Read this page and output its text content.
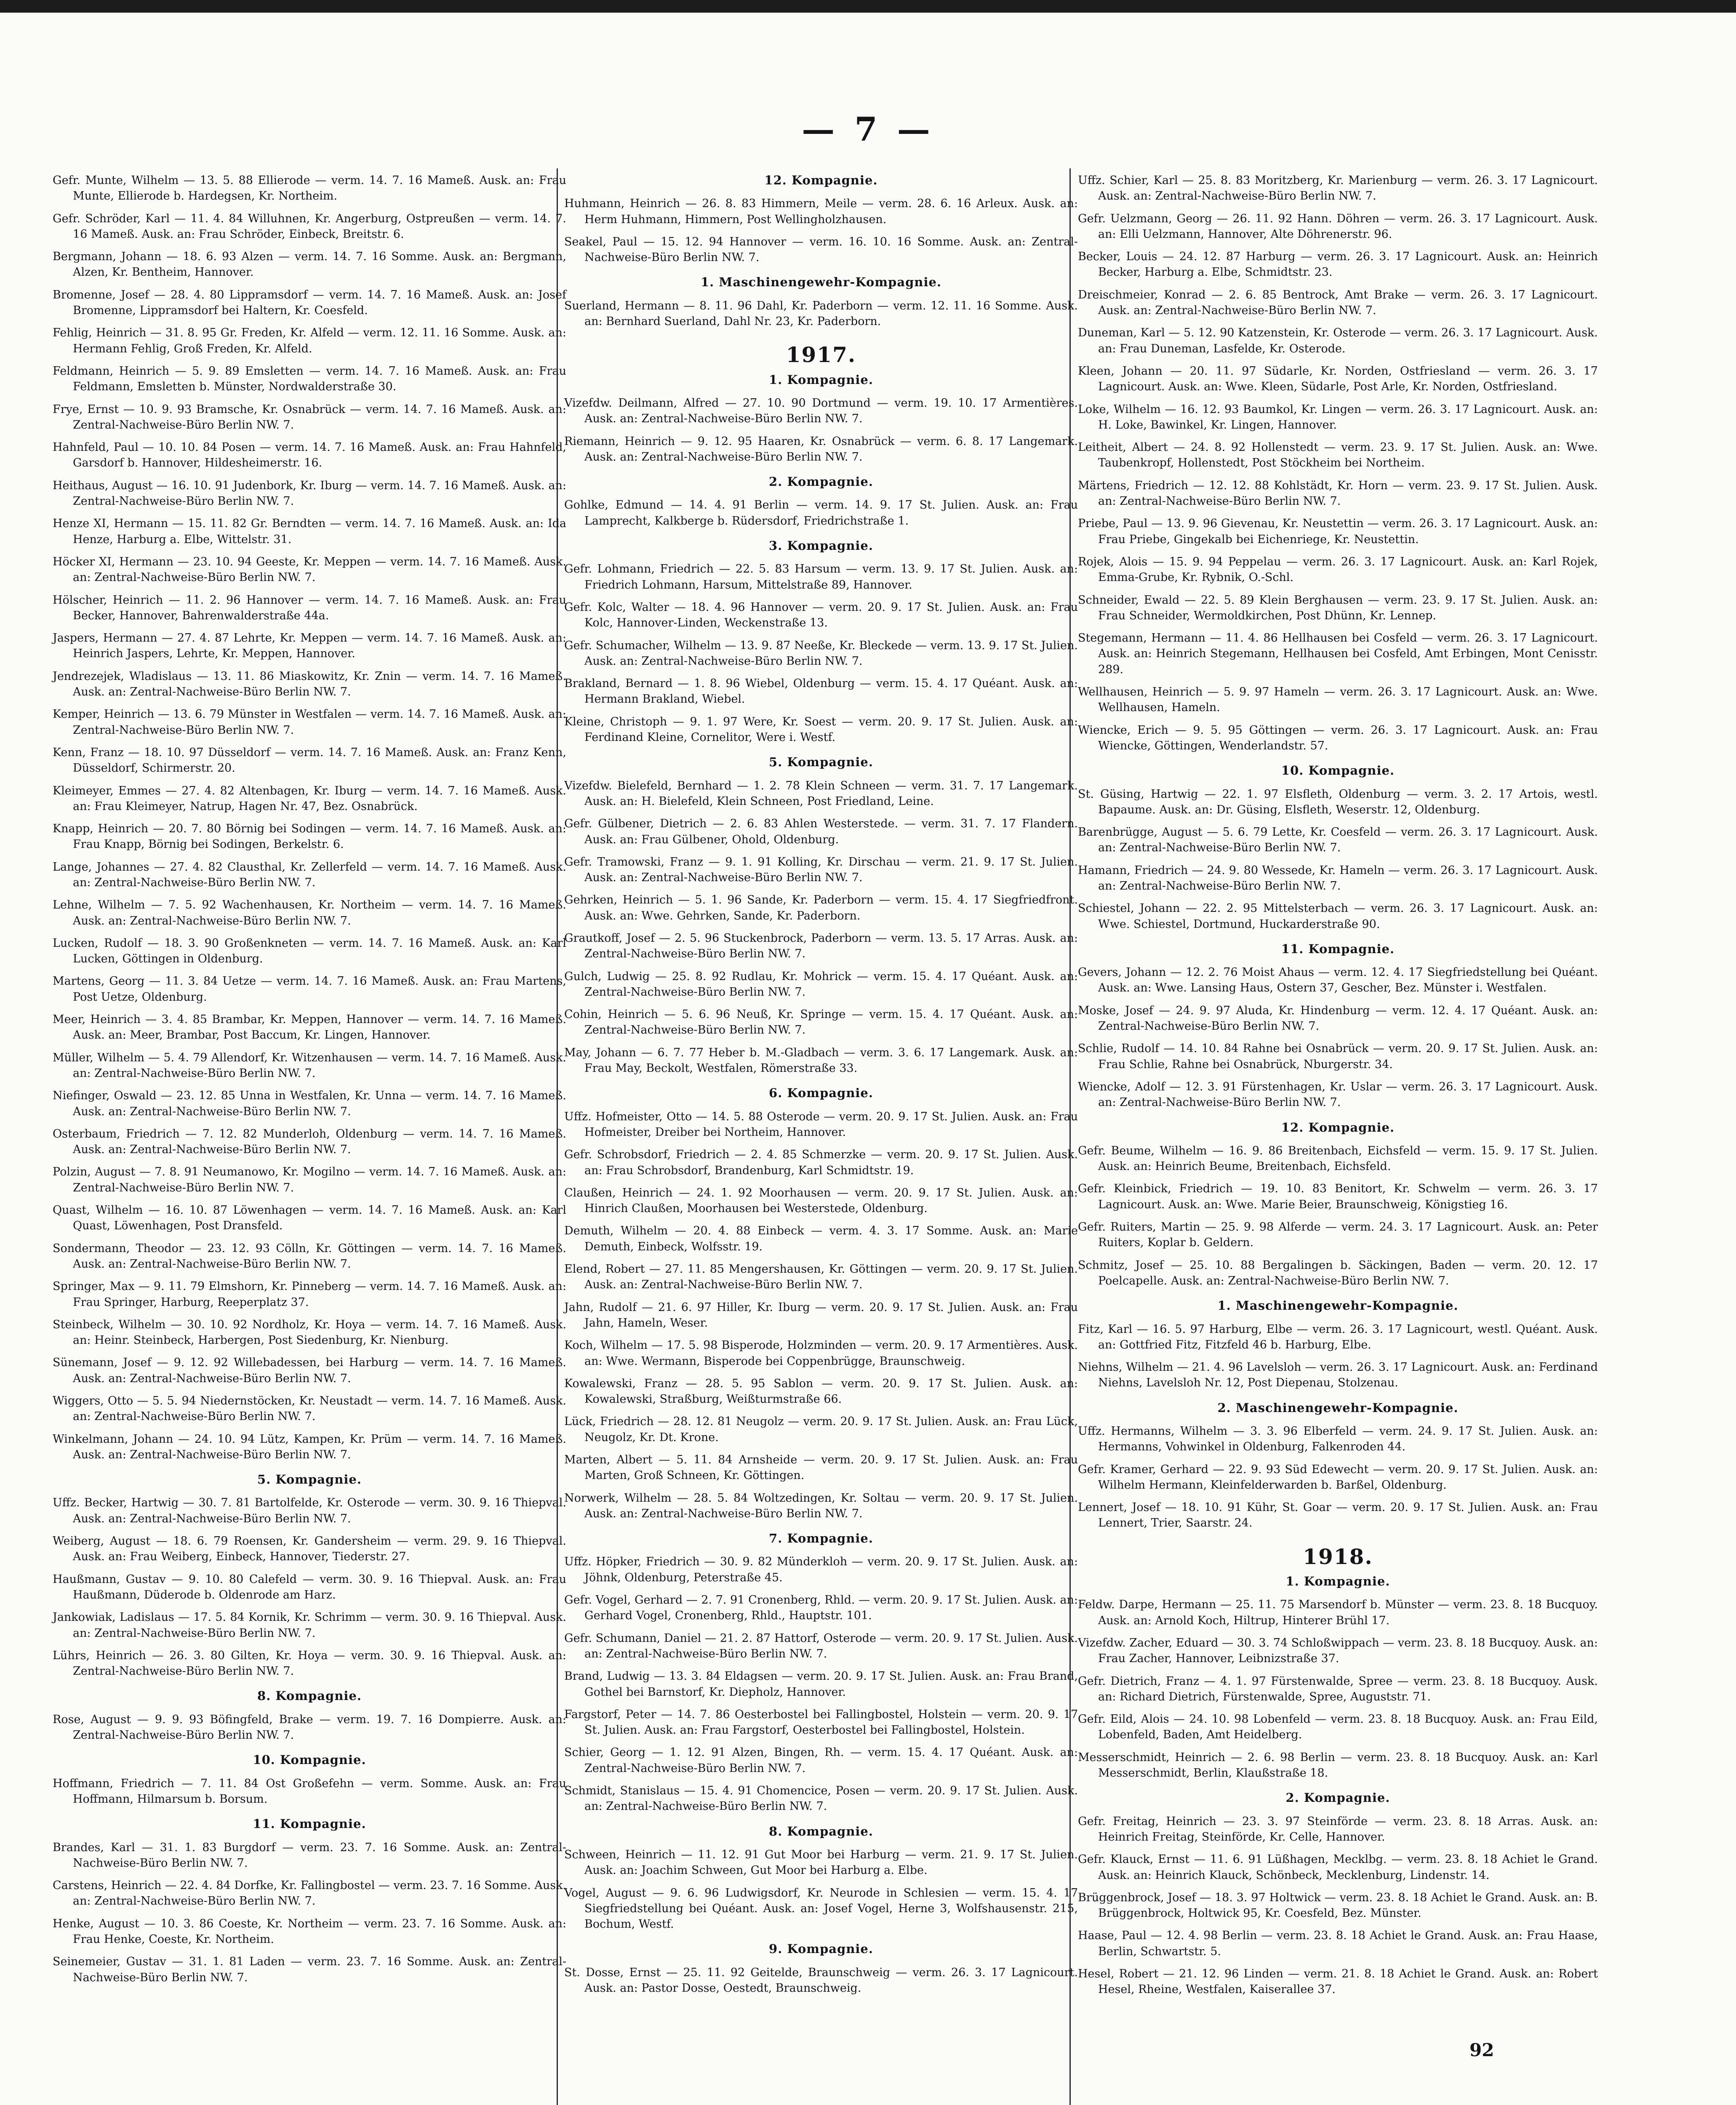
— 7 —
Gefr. Munte, Wilhelm — 13. 5. 88 Ellierode — verm. 14. 7. 16 Mameß. Ausk. an: Frau Munte, Ellierode b. Hardegsen, Kr. Northeim.
Gefr. Schröder, Karl — 11. 4. 84 Willuhnen, Kr. Angerburg, Ostpreußen — verm. 14. 7. 16 Mameß. Ausk. an: Frau Schröder, Einbeck, Breitstr. 6.
Bergmann, Johann — 18. 6. 93 Alzen — verm. 14. 7. 16 Somme. Ausk. an: Bergmann, Alzen, Kr. Bentheim, Hannover.
Bromenne, Josef — 28. 4. 80 Lippramsdorf — verm. 14. 7. 16 Mameß. Ausk. an: Josef Bromenne, Lippramsdorf bei Haltern, Kr. Coesfeld.
Fehlig, Heinrich — 31. 8. 95 Gr. Freden, Kr. Alfeld — verm. 12. 11. 16 Somme. Ausk. an: Hermann Fehlig, Groß Freden, Kr. Alfeld.
Feldmann, Heinrich — 5. 9. 89 Emsletten — verm. 14. 7. 16 Mameß. Ausk. an: Frau Feldmann, Emsletten b. Münster, Nordwalderstraße 30.
Frye, Ernst — 10. 9. 93 Bramsche, Kr. Osnabrück — verm. 14. 7. 16 Mameß. Ausk. an: Zentral-Nachweise-Büro Berlin NW. 7.
Hahnfeld, Paul — 10. 10. 84 Posen — verm. 14. 7. 16 Mameß. Ausk. an: Frau Hahnfeld, Garsdorf b. Hannover, Hildesheimerstr. 16.
Heithaus, August — 16. 10. 91 Judenbork, Kr. Iburg — verm. 14. 7. 16 Mameß. Ausk. an: Zentral-Nachweise-Büro Berlin NW. 7.
Henze XI, Hermann — 15. 11. 82 Gr. Berndten — verm. 14. 7. 16 Mameß. Ausk. an: Ida Henze, Harburg a. Elbe, Wittelstr. 31.
Höcker XI, Hermann — 23. 10. 94 Geeste, Kr. Meppen — verm. 14. 7. 16 Mameß. Ausk. an: Zentral-Nachweise-Büro Berlin NW. 7.
Hölscher, Heinrich — 11. 2. 96 Hannover — verm. 14. 7. 16 Mameß. Ausk. an: Frau Becker, Hannover, Bahrenwalderstraße 44a.
Jaspers, Hermann — 27. 4. 87 Lehrte, Kr. Meppen — verm. 14. 7. 16 Mameß. Ausk. an: Heinrich Jaspers, Lehrte, Kr. Meppen, Hannover.
Jendrezejek, Wladislaus — 13. 11. 86 Miaskowitz, Kr. Znin — verm. 14. 7. 16 Mameß. Ausk. an: Zentral-Nachweise-Büro Berlin NW. 7.
Kemper, Heinrich — 13. 6. 79 Münster in Westfalen — verm. 14. 7. 16 Mameß. Ausk. an: Zentral-Nachweise-Büro Berlin NW. 7.
Kenn, Franz — 18. 10. 97 Düsseldorf — verm. 14. 7. 16 Mameß. Ausk. an: Franz Kenn, Düsseldorf, Schirmerstr. 20.
Kleimeyer, Emmes — 27. 4. 82 Altenbagen, Kr. Iburg — verm. 14. 7. 16 Mameß. Ausk. an: Frau Kleimeyer, Natrup, Hagen Nr. 47, Bez. Osnabrück.
Knapp, Heinrich — 20. 7. 80 Börnig bei Sodingen — verm. 14. 7. 16 Mameß. Ausk. an: Frau Knapp, Börnig bei Sodingen, Berkelstr. 6.
Lange, Johannes — 27. 4. 82 Clausthal, Kr. Zellerfeld — verm. 14. 7. 16 Mameß. Ausk. an: Zentral-Nachweise-Büro Berlin NW. 7.
Lehne, Wilhelm — 7. 5. 92 Wachenhausen, Kr. Northeim — verm. 14. 7. 16 Mameß. Ausk. an: Zentral-Nachweise-Büro Berlin NW. 7.
Lucken, Rudolf — 18. 3. 90 Großenkneten — verm. 14. 7. 16 Mameß. Ausk. an: Karl Lucken, Göttingen in Oldenburg.
Martens, Georg — 11. 3. 84 Uetze — verm. 14. 7. 16 Mameß. Ausk. an: Frau Martens, Post Uetze, Oldenburg.
Meer, Heinrich — 3. 4. 85 Brambar, Kr. Meppen, Hannover — verm. 14. 7. 16 Mameß. Ausk. an: Meer, Brambar, Post Baccum, Kr. Lingen, Hannover.
Müller, Wilhelm — 5. 4. 79 Allendorf, Kr. Witzenhausen — verm. 14. 7. 16 Mameß. Ausk. an: Zentral-Nachweise-Büro Berlin NW. 7.
Niefinger, Oswald — 23. 12. 85 Unna in Westfalen, Kr. Unna — verm. 14. 7. 16 Mameß. Ausk. an: Zentral-Nachweise-Büro Berlin NW. 7.
Osterbaum, Friedrich — 7. 12. 82 Munderloh, Oldenburg — verm. 14. 7. 16 Mameß. Ausk. an: Zentral-Nachweise-Büro Berlin NW. 7.
Polzin, August — 7. 8. 91 Neumanowo, Kr. Mogilno — verm. 14. 7. 16 Mameß. Ausk. an: Zentral-Nachweise-Büro Berlin NW. 7.
Quast, Wilhelm — 16. 10. 87 Löwenhagen — verm. 14. 7. 16 Mameß. Ausk. an: Karl Quast, Löwenhagen, Post Dransfeld.
Sondermann, Theodor — 23. 12. 93 Cölln, Kr. Göttingen — verm. 14. 7. 16 Mameß. Ausk. an: Zentral-Nachweise-Büro Berlin NW. 7.
Springer, Max — 9. 11. 79 Elmshorn, Kr. Pinneberg — verm. 14. 7. 16 Mameß. Ausk. an: Frau Springer, Harburg, Reeperplatz 37.
Steinbeck, Wilhelm — 30. 10. 92 Nordholz, Kr. Hoya — verm. 14. 7. 16 Mameß. Ausk. an: Heinr. Steinbeck, Harbergen, Post Siedenburg, Kr. Nienburg.
Sünemann, Josef — 9. 12. 92 Willebadessen, bei Harburg — verm. 14. 7. 16 Mameß. Ausk. an: Zentral-Nachweise-Büro Berlin NW. 7.
Wiggers, Otto — 5. 5. 94 Niedernstöcken, Kr. Neustadt — verm. 14. 7. 16 Mameß. Ausk. an: Zentral-Nachweise-Büro Berlin NW. 7.
Winkelmann, Johann — 24. 10. 94 Lütz, Kampen, Kr. Prüm — verm. 14. 7. 16 Mameß. Ausk. an: Zentral-Nachweise-Büro Berlin NW. 7.
5. Kompagnie.
Uffz. Becker, Hartwig — 30. 7. 81 Bartolfelde, Kr. Osterode — verm. 30. 9. 16 Thiepval. Ausk. an: Zentral-Nachweise-Büro Berlin NW. 7.
Weiberg, August — 18. 6. 79 Roensen, Kr. Gandersheim — verm. 29. 9. 16 Thiepval. Ausk. an: Frau Weiberg, Einbeck, Hannover, Tiederstr. 27.
Haußmann, Gustav — 9. 10. 80 Calefeld — verm. 30. 9. 16 Thiepval. Ausk. an: Frau Haußmann, Düderode b. Oldenrode am Harz.
Jankowiak, Ladislaus — 17. 5. 84 Kornik, Kr. Schrimm — verm. 30. 9. 16 Thiepval. Ausk. an: Zentral-Nachweise-Büro Berlin NW. 7.
Lührs, Heinrich — 26. 3. 80 Gilten, Kr. Hoya — verm. 30. 9. 16 Thiepval. Ausk. an: Zentral-Nachweise-Büro Berlin NW. 7.
8. Kompagnie.
Rose, August — 9. 9. 93 Böfingfeld, Brake — verm. 19. 7. 16 Dompierre. Ausk. an: Zentral-Nachweise-Büro Berlin NW. 7.
10. Kompagnie.
Hoffmann, Friedrich — 7. 11. 84 Ost Großefehn — verm. Somme. Ausk. an: Frau Hoffmann, Hilmarsum b. Borsum.
11. Kompagnie.
Brandes, Karl — 31. 1. 83 Burgdorf — verm. 23. 7. 16 Somme. Ausk. an: Zentral-Nachweise-Büro Berlin NW. 7.
Carstens, Heinrich — 22. 4. 84 Dorfke, Kr. Fallingbostel — verm. 23. 7. 16 Somme. Ausk. an: Zentral-Nachweise-Büro Berlin NW. 7.
Henke, August — 10. 3. 86 Coeste, Kr. Northeim — verm. 23. 7. 16 Somme. Ausk. an: Frau Henke, Coeste, Kr. Northeim.
Seinemeier, Gustav — 31. 1. 81 Laden — verm. 23. 7. 16 Somme. Ausk. an: Zentral-Nachweise-Büro Berlin NW. 7.
12. Kompagnie.
Huhmann, Heinrich — 26. 8. 83 Himmern, Meile — verm. 28. 6. 16 Arleux. Ausk. an: Herm Huhmann, Himmern, Post Wellingholzhausen.
Seakel, Paul — 15. 12. 94 Hannover — verm. 16. 10. 16 Somme. Ausk. an: Zentral-Nachweise-Büro Berlin NW. 7.
1. Maschinengewehr-Kompagnie.
Suerland, Hermann — 8. 11. 96 Dahl, Kr. Paderborn — verm. 12. 11. 16 Somme. Ausk. an: Bernhard Suerland, Dahl Nr. 23, Kr. Paderborn.
1917.
1. Kompagnie.
Vizefdw. Deilmann, Alfred — 27. 10. 90 Dortmund — verm. 19. 10. 17 Armentières. Ausk. an: Zentral-Nachweise-Büro Berlin NW. 7.
Riemann, Heinrich — 9. 12. 95 Haaren, Kr. Osnabrück — verm. 6. 8. 17 Langemark. Ausk. an: Zentral-Nachweise-Büro Berlin NW. 7.
2. Kompagnie.
Gohlke, Edmund — 14. 4. 91 Berlin — verm. 14. 9. 17 St. Julien. Ausk. an: Frau Lamprecht, Kalkberge b. Rüdersdorf, Friedrichstraße 1.
3. Kompagnie.
Gefr. Lohmann, Friedrich — 22. 5. 83 Harsum — verm. 13. 9. 17 St. Julien. Ausk. an: Friedrich Lohmann, Harsum, Mittelstraße 89, Hannover.
Gefr. Kolc, Walter — 18. 4. 96 Hannover — verm. 20. 9. 17 St. Julien. Ausk. an: Frau Kolc, Hannover-Linden, Weckenstraße 13.
Gefr. Schumacher, Wilhelm — 13. 9. 87 Neeße, Kr. Bleckede — verm. 13. 9. 17 St. Julien. Ausk. an: Zentral-Nachweise-Büro Berlin NW. 7.
Brakland, Bernard — 1. 8. 96 Wiebel, Oldenburg — verm. 15. 4. 17 Quéant. Ausk. an: Hermann Brakland, Wiebel.
Kleine, Christoph — 9. 1. 97 Were, Kr. Soest — verm. 20. 9. 17 St. Julien. Ausk. an: Ferdinand Kleine, Cornelitor, Were i. Westf.
5. Kompagnie.
Vizefdw. Bielefeld, Bernhard — 1. 2. 78 Klein Schneen — verm. 31. 7. 17 Langemark. Ausk. an: H. Bielefeld, Klein Schneen, Post Friedland, Leine.
Gefr. Gülbener, Dietrich — 2. 6. 83 Ahlen Westerstede. — verm. 31. 7. 17 Flandern. Ausk. an: Frau Gülbener, Ohold, Oldenburg.
Gefr. Tramowski, Franz — 9. 1. 91 Kolling, Kr. Dirschau — verm. 21. 9. 17 St. Julien. Ausk. an: Zentral-Nachweise-Büro Berlin NW. 7.
Gehrken, Heinrich — 5. 1. 96 Sande, Kr. Paderborn — verm. 15. 4. 17 Siegfriedfront. Ausk. an: Wwe. Gehrken, Sande, Kr. Paderborn.
Grautkoff, Josef — 2. 5. 96 Stuckenbrock, Paderborn — verm. 13. 5. 17 Arras. Ausk. an: Zentral-Nachweise-Büro Berlin NW. 7.
Gulch, Ludwig — 25. 8. 92 Rudlau, Kr. Mohrick — verm. 15. 4. 17 Quéant. Ausk. an: Zentral-Nachweise-Büro Berlin NW. 7.
Cohin, Heinrich — 5. 6. 96 Neuß, Kr. Springe — verm. 15. 4. 17 Quéant. Ausk. an: Zentral-Nachweise-Büro Berlin NW. 7.
May, Johann — 6. 7. 77 Heber b. M.-Gladbach — verm. 3. 6. 17 Langemark. Ausk. an: Frau May, Beckolt, Westfalen, Römerstraße 33.
6. Kompagnie.
Uffz. Hofmeister, Otto — 14. 5. 88 Osterode — verm. 20. 9. 17 St. Julien. Ausk. an: Frau Hofmeister, Dreiber bei Northeim, Hannover.
Gefr. Schrobsdorf, Friedrich — 2. 4. 85 Schmerzke — verm. 20. 9. 17 St. Julien. Ausk. an: Frau Schrobsdorf, Brandenburg, Karl Schmidtstr. 19.
Claußen, Heinrich — 24. 1. 92 Moorhausen — verm. 20. 9. 17 St. Julien. Ausk. an: Hinrich Claußen, Moorhausen bei Westerstede, Oldenburg.
Demuth, Wilhelm — 20. 4. 88 Einbeck — verm. 4. 3. 17 Somme. Ausk. an: Marie Demuth, Einbeck, Wolfsstr. 19.
Elend, Robert — 27. 11. 85 Mengershausen, Kr. Göttingen — verm. 20. 9. 17 St. Julien. Ausk. an: Zentral-Nachweise-Büro Berlin NW. 7.
Jahn, Rudolf — 21. 6. 97 Hiller, Kr. Iburg — verm. 20. 9. 17 St. Julien. Ausk. an: Frau Jahn, Hameln, Weser.
Koch, Wilhelm — 17. 5. 98 Bisperode, Holzminden — verm. 20. 9. 17 Armentières. Ausk. an: Wwe. Wermann, Bisperode bei Coppenbrügge, Braunschweig.
Kowalewski, Franz — 28. 5. 95 Sablon — verm. 20. 9. 17 St. Julien. Ausk. an: Kowalewski, Straßburg, Weißturmstraße 66.
Lück, Friedrich — 28. 12. 81 Neugolz — verm. 20. 9. 17 St. Julien. Ausk. an: Frau Lück, Neugolz, Kr. Dt. Krone.
Marten, Albert — 5. 11. 84 Arnsheide — verm. 20. 9. 17 St. Julien. Ausk. an: Frau Marten, Groß Schneen, Kr. Göttingen.
Norwerk, Wilhelm — 28. 5. 84 Woltzedingen, Kr. Soltau — verm. 20. 9. 17 St. Julien. Ausk. an: Zentral-Nachweise-Büro Berlin NW. 7.
7. Kompagnie.
Uffz. Höpker, Friedrich — 30. 9. 82 Münderkloh — verm. 20. 9. 17 St. Julien. Ausk. an: Jöhnk, Oldenburg, Peterstraße 45.
Gefr. Vogel, Gerhard — 2. 7. 91 Cronenberg, Rhld. — verm. 20. 9. 17 St. Julien. Ausk. an: Gerhard Vogel, Cronenberg, Rhld., Hauptstr. 101.
Gefr. Schumann, Daniel — 21. 2. 87 Hattorf, Osterode — verm. 20. 9. 17 St. Julien. Ausk. an: Zentral-Nachweise-Büro Berlin NW. 7.
Brand, Ludwig — 13. 3. 84 Eldagsen — verm. 20. 9. 17 St. Julien. Ausk. an: Frau Brand, Gothel bei Barnstorf, Kr. Diepholz, Hannover.
Fargstorf, Peter — 14. 7. 86 Oesterbostel bei Fallingbostel, Holstein — verm. 20. 9. 17 St. Julien. Ausk. an: Frau Fargstorf, Oesterbostel bei Fallingbostel, Holstein.
Schier, Georg — 1. 12. 91 Alzen, Bingen, Rh. — verm. 15. 4. 17 Quéant. Ausk. an: Zentral-Nachweise-Büro Berlin NW. 7.
Schmidt, Stanislaus — 15. 4. 91 Chomencice, Posen — verm. 20. 9. 17 St. Julien. Ausk. an: Zentral-Nachweise-Büro Berlin NW. 7.
8. Kompagnie.
Schween, Heinrich — 11. 12. 91 Gut Moor bei Harburg — verm. 21. 9. 17 St. Julien. Ausk. an: Joachim Schween, Gut Moor bei Harburg a. Elbe.
Vogel, August — 9. 6. 96 Ludwigsdorf, Kr. Neurode in Schlesien — verm. 15. 4. 17 Siegfriedstellung bei Quéant. Ausk. an: Josef Vogel, Herne 3, Wolfshausenstr. 215, Bochum, Westf.
9. Kompagnie.
St. Dosse, Ernst — 25. 11. 92 Geitelde, Braunschweig — verm. 26. 3. 17 Lagnicourt. Ausk. an: Pastor Dosse, Oestedt, Braunschweig.
Uffz. Schier, Karl — 25. 8. 83 Moritzberg, Kr. Marienburg — verm. 26. 3. 17 Lagnicourt. Ausk. an: Zentral-Nachweise-Büro Berlin NW. 7.
Gefr. Uelzmann, Georg — 26. 11. 92 Hann. Döhren — verm. 26. 3. 17 Lagnicourt. Ausk. an: Elli Uelzmann, Hannover, Alte Döhrenerstr. 96.
Becker, Louis — 24. 12. 87 Harburg — verm. 26. 3. 17 Lagnicourt. Ausk. an: Heinrich Becker, Harburg a. Elbe, Schmidtstr. 23.
Dreischmeier, Konrad — 2. 6. 85 Bentrock, Amt Brake — verm. 26. 3. 17 Lagnicourt. Ausk. an: Zentral-Nachweise-Büro Berlin NW. 7.
Duneman, Karl — 5. 12. 90 Katzenstein, Kr. Osterode — verm. 26. 3. 17 Lagnicourt. Ausk. an: Frau Duneman, Lasfelde, Kr. Osterode.
Kleen, Johann — 20. 11. 97 Südarle, Kr. Norden, Ostfriesland — verm. 26. 3. 17 Lagnicourt. Ausk. an: Wwe. Kleen, Südarle, Post Arle, Kr. Norden, Ostfriesland.
Loke, Wilhelm — 16. 12. 93 Baumkol, Kr. Lingen — verm. 26. 3. 17 Lagnicourt. Ausk. an: H. Loke, Bawinkel, Kr. Lingen, Hannover.
Leitheit, Albert — 24. 8. 92 Hollenstedt — verm. 23. 9. 17 St. Julien. Ausk. an: Wwe. Taubenkropf, Hollenstedt, Post Stöckheim bei Northeim.
Märtens, Friedrich — 12. 12. 88 Kohlstädt, Kr. Horn — verm. 23. 9. 17 St. Julien. Ausk. an: Zentral-Nachweise-Büro Berlin NW. 7.
Priebe, Paul — 13. 9. 96 Gievenau, Kr. Neustettin — verm. 26. 3. 17 Lagnicourt. Ausk. an: Frau Priebe, Gingekalb bei Eichenriege, Kr. Neustettin.
Rojek, Alois — 15. 9. 94 Peppelau — verm. 26. 3. 17 Lagnicourt. Ausk. an: Karl Rojek, Emma-Grube, Kr. Rybnik, O.-Schl.
Schneider, Ewald — 22. 5. 89 Klein Berghausen — verm. 23. 9. 17 St. Julien. Ausk. an: Frau Schneider, Wermoldkirchen, Post Dhünn, Kr. Lennep.
Stegemann, Hermann — 11. 4. 86 Hellhausen bei Cosfeld — verm. 26. 3. 17 Lagnicourt. Ausk. an: Heinrich Stegemann, Hellhausen bei Cosfeld, Amt Erbingen, Mont Cenisstr. 289.
Wellhausen, Heinrich — 5. 9. 97 Hameln — verm. 26. 3. 17 Lagnicourt. Ausk. an: Wwe. Wellhausen, Hameln.
Wiencke, Erich — 9. 5. 95 Göttingen — verm. 26. 3. 17 Lagnicourt. Ausk. an: Frau Wiencke, Göttingen, Wenderlandstr. 57.
10. Kompagnie.
St. Güsing, Hartwig — 22. 1. 97 Elsfleth, Oldenburg — verm. 3. 2. 17 Artois, westl. Bapaume. Ausk. an: Dr. Güsing, Elsfleth, Weserstr. 12, Oldenburg.
Barenbrügge, August — 5. 6. 79 Lette, Kr. Coesfeld — verm. 26. 3. 17 Lagnicourt. Ausk. an: Zentral-Nachweise-Büro Berlin NW. 7.
Hamann, Friedrich — 24. 9. 80 Wessede, Kr. Hameln — verm. 26. 3. 17 Lagnicourt. Ausk. an: Zentral-Nachweise-Büro Berlin NW. 7.
Schiestel, Johann — 22. 2. 95 Mittelsterbach — verm. 26. 3. 17 Lagnicourt. Ausk. an: Wwe. Schiestel, Dortmund, Huckarderstraße 90.
11. Kompagnie.
Gevers, Johann — 12. 2. 76 Moist Ahaus — verm. 12. 4. 17 Siegfriedstellung bei Quéant. Ausk. an: Wwe. Lansing Haus, Ostern 37, Gescher, Bez. Münster i. Westfalen.
Moske, Josef — 24. 9. 97 Aluda, Kr. Hindenburg — verm. 12. 4. 17 Quéant. Ausk. an: Zentral-Nachweise-Büro Berlin NW. 7.
Schlie, Rudolf — 14. 10. 84 Rahne bei Osnabrück — verm. 20. 9. 17 St. Julien. Ausk. an: Frau Schlie, Rahne bei Osnabrück, Nburgerstr. 34.
Wiencke, Adolf — 12. 3. 91 Fürstenhagen, Kr. Uslar — verm. 26. 3. 17 Lagnicourt. Ausk. an: Zentral-Nachweise-Büro Berlin NW. 7.
12. Kompagnie.
Gefr. Beume, Wilhelm — 16. 9. 86 Breitenbach, Eichsfeld — verm. 15. 9. 17 St. Julien. Ausk. an: Heinrich Beume, Breitenbach, Eichsfeld.
Gefr. Kleinbick, Friedrich — 19. 10. 83 Benitort, Kr. Schwelm — verm. 26. 3. 17 Lagnicourt. Ausk. an: Wwe. Marie Beier, Braunschweig, Königstieg 16.
Gefr. Ruiters, Martin — 25. 9. 98 Alferde — verm. 24. 3. 17 Lagnicourt. Ausk. an: Peter Ruiters, Koplar b. Geldern.
Schmitz, Josef — 25. 10. 88 Bergalingen b. Säckingen, Baden — verm. 20. 12. 17 Poelcapelle. Ausk. an: Zentral-Nachweise-Büro Berlin NW. 7.
1. Maschinengewehr-Kompagnie.
Fitz, Karl — 16. 5. 97 Harburg, Elbe — verm. 26. 3. 17 Lagnicourt, westl. Quéant. Ausk. an: Gottfried Fitz, Fitzfeld 46 b. Harburg, Elbe.
Niehns, Wilhelm — 21. 4. 96 Lavelsloh — verm. 26. 3. 17 Lagnicourt. Ausk. an: Ferdinand Niehns, Lavelsloh Nr. 12, Post Diepenau, Stolzenau.
2. Maschinengewehr-Kompagnie.
Uffz. Hermanns, Wilhelm — 3. 3. 96 Elberfeld — verm. 24. 9. 17 St. Julien. Ausk. an: Hermanns, Vohwinkel in Oldenburg, Falkenroden 44.
Gefr. Kramer, Gerhard — 22. 9. 93 Süd Edewecht — verm. 20. 9. 17 St. Julien. Ausk. an: Wilhelm Hermann, Kleinfelderwarden b. Barßel, Oldenburg.
Lennert, Josef — 18. 10. 91 Kühr, St. Goar — verm. 20. 9. 17 St. Julien. Ausk. an: Frau Lennert, Trier, Saarstr. 24.
1918.
1. Kompagnie.
Feldw. Darpe, Hermann — 25. 11. 75 Marsendorf b. Münster — verm. 23. 8. 18 Bucquoy. Ausk. an: Arnold Koch, Hiltrup, Hinterer Brühl 17.
Vizefdw. Zacher, Eduard — 30. 3. 74 Schloßwippach — verm. 23. 8. 18 Bucquoy. Ausk. an: Frau Zacher, Hannover, Leibnizstraße 37.
Gefr. Dietrich, Franz — 4. 1. 97 Fürstenwalde, Spree — verm. 23. 8. 18 Bucquoy. Ausk. an: Richard Dietrich, Fürstenwalde, Spree, Auguststr. 71.
Gefr. Eild, Alois — 24. 10. 98 Lobenfeld — verm. 23. 8. 18 Bucquoy. Ausk. an: Frau Eild, Lobenfeld, Baden, Amt Heidelberg.
Messerschmidt, Heinrich — 2. 6. 98 Berlin — verm. 23. 8. 18 Bucquoy. Ausk. an: Karl Messerschmidt, Berlin, Klaußstraße 18.
2. Kompagnie.
Gefr. Freitag, Heinrich — 23. 3. 97 Steinförde — verm. 23. 8. 18 Arras. Ausk. an: Heinrich Freitag, Steinförde, Kr. Celle, Hannover.
Gefr. Klauck, Ernst — 11. 6. 91 Lüßhagen, Mecklbg. — verm. 23. 8. 18 Achiet le Grand. Ausk. an: Heinrich Klauck, Schönbeck, Mecklenburg, Lindenstr. 14.
Brüggenbrock, Josef — 18. 3. 97 Holtwick — verm. 23. 8. 18 Achiet le Grand. Ausk. an: B. Brüggenbrock, Holtwick 95, Kr. Coesfeld, Bez. Münster.
Haase, Paul — 12. 4. 98 Berlin — verm. 23. 8. 18 Achiet le Grand. Ausk. an: Frau Haase, Berlin, Schwartstr. 5.
Hesel, Robert — 21. 12. 96 Linden — verm. 21. 8. 18 Achiet le Grand. Ausk. an: Robert Hesel, Rheine, Westfalen, Kaiserallee 37.
92
